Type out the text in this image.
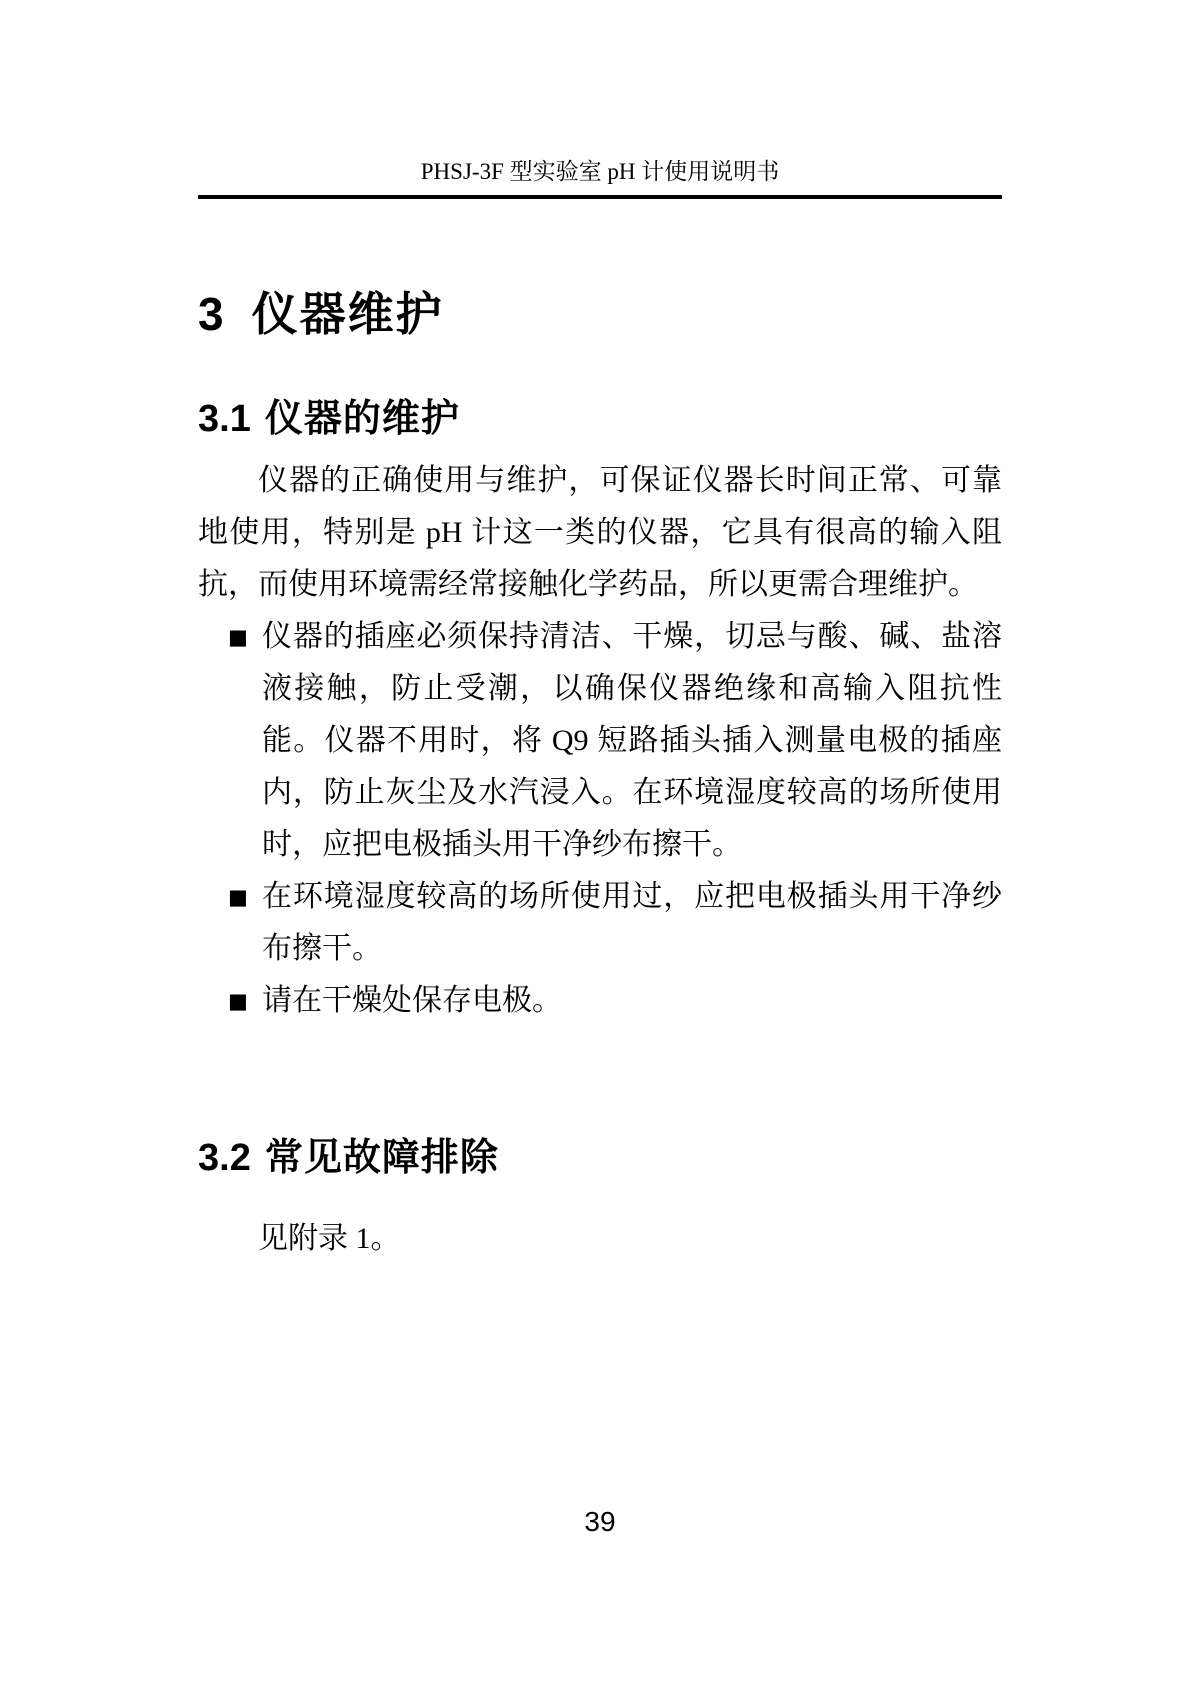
PHSJ-3F 型实验室 pH 计使用说明书
3 仪器维护
3.1 仪器的维护

仪器的正确使用与维护，可保证仪器长时间正常、可靠地使用，特别是 pH 计这一类的仪器，它具有很高的输入阻抗，而使用环境需经常接触化学药品，所以更需合理维护。

■ 仪器的插座必须保持清洁、干燥，切忌与酸、碱、盐溶液接触，防止受潮，以确保仪器绝缘和高输入阻抗性能。仪器不用时，将 Q9 短路插头插入测量电极的插座内，防止灰尘及水汽浸入。在环境湿度较高的场所使用时，应把电极插头用干净纱布擦干。
■ 在环境湿度较高的场所使用过，应把电极插头用干净纱布擦干。
■ 请在干燥处保存电极。
3.2 常见故障排除

见附录 1。

39
